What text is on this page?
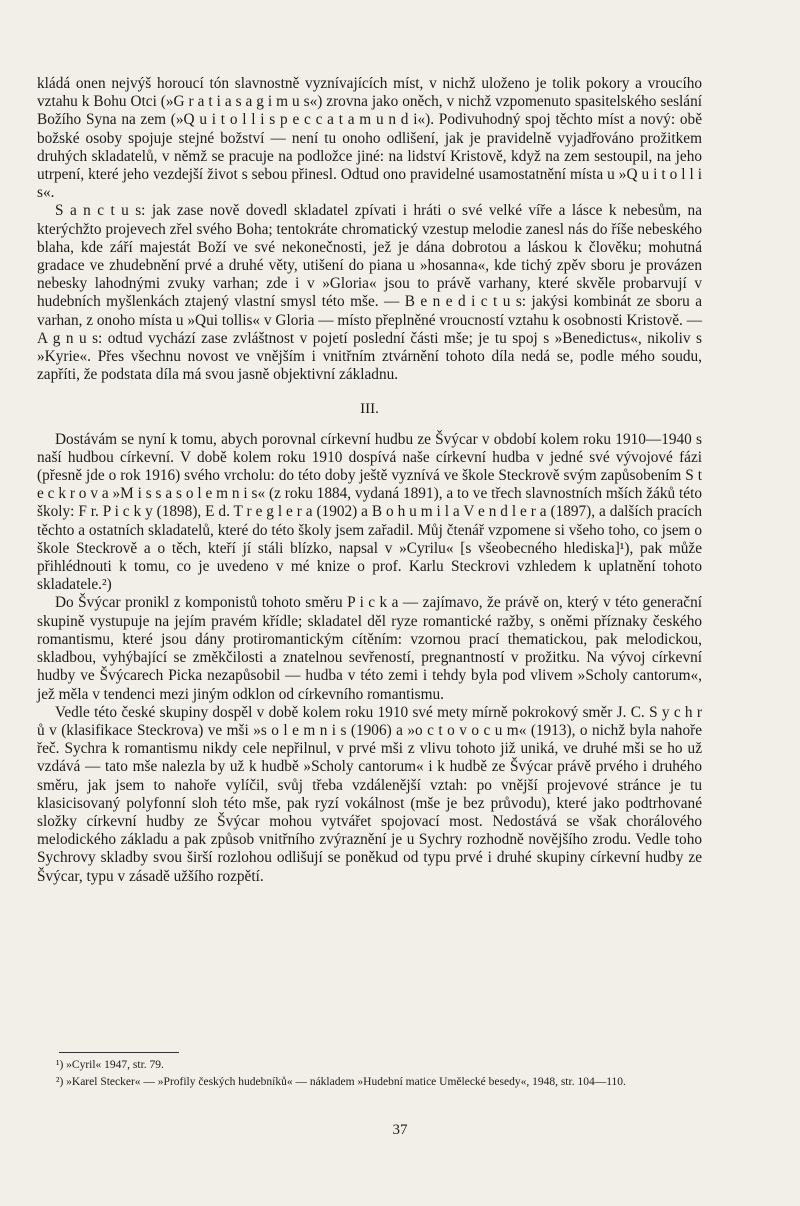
kládá onen nejvýš horoucí tón slavnostně vyznívajících míst, v nichž uloženo je tolik pokory a vroucího vztahu k Bohu Otci (»G r a t i a s a g i m u s«) zrovna jako oněch, v nichž vzpomenuto spasitelského seslání Božího Syna na zem (»Q u i t o l l i s p e c c a t a m u n d i«). Podivuhodný spoj těchto míst a nový: obě božské osoby spojuje stejné božství — není tu onoho odlišení, jak je pravidelně vyjadřováno prožitkem druhých skladatelů, v němž se pracuje na podložce jiné: na lidství Kristově, když na zem sestoupil, na jeho utrpení, které jeho vezdejší život s sebou přinesl. Odtud ono pravidelné usamostatnění místa u »Q u i t o l l i s«.

S a n c t u s: jak zase nově dovedl skladatel zpívati i hráti o své velké víře a lásce k nebesům, na kterýchžto projevech zřel svého Boha; tentokráte chromatický vzestup melodie zanesl nás do říše nebeského blaha, kde září majestát Boží ve své nekonečnosti, jež je dána dobrotou a láskou k člověku; mohutná gradace ve zhudebnění prvé a druhé věty, utišení do piana u »hosanna«, kde tichý zpěv sboru je provázen nebesky lahodnými zvuky varhan; zde i v »Gloria« jsou to právě varhany, které skvěle probarvují v hudebních myšlenkách ztajený vlastní smysl této mše. — B e n e d i c t u s: jakýsi kombinát ze sboru a varhan, z onoho místa u »Qui tollis« v Gloria — místo přeplněné vroucností vztahu k osobnosti Kristově. — A g n u s: odtud vychází zase zvláštnost v pojetí poslední části mše; je tu spoj s »Benedictus«, nikoliv s »Kyrie«. Přes všechnu novost ve vnějším i vnitřním ztvárnění tohoto díla nedá se, podle mého soudu, zapříti, že podstata díla má svou jasně objektivní základnu.

III.

Dostávám se nyní k tomu, abych porovnal církevní hudbu ze Švýcar v období kolem roku 1910—1940 s naší hudbou církevní. V době kolem roku 1910 dospívá naše církevní hudba v jedné své vývojové fázi (přesně jde o rok 1916) svého vrcholu: do této doby ještě vyznívá ve škole Steckrově svým zapůsobením S t e c k r o v a »M i s s a s o l e m n i s« (z roku 1884, vydaná 1891), a to ve třech slavnostních mších žáků této školy: F r. P i c k y (1898), E d. T r e g l e r a (1902) a B o h u m i l a V e n d l e r a (1897), a dalších pracích těchto a ostatních skladatelů, které do této školy jsem zařadil. Můj čtenář vzpomene si všeho toho, co jsem o škole Steckrově a o těch, kteří jí stáli blízko, napsal v »Cyrilu« [s všeobecného hlediska]¹), pak může přihlédnouti k tomu, co je uvedeno v mé knize o prof. Karlu Steckrovi vzhledem k uplatnění tohoto skladatele.²)

Do Švýcar pronikl z komponistů tohoto směru P i c k a — zajímavo, že právě on, který v této generační skupině vystupuje na jejím pravém křídle; skladatel děl ryze romantické ražby, s oněmi příznaky českého romantismu, které jsou dány protiromantickým cítěním: vzornou prací thematickou, pak melodickou, skladbou, vyhýbající se změkčilosti a znatelnou sevřeností, pregnantností v prožitku. Na vývoj církevní hudby ve Švýcarech Picka nezapůsobil — hudba v této zemi i tehdy byla pod vlivem »Scholy cantorum«, jež měla v tendenci mezi jiným odklon od církevního romantismu.

Vedle této české skupiny dospěl v době kolem roku 1910 své mety mírně pokrokový směr J. C. S y c h r ů v (klasifikace Steckrova) ve mši »s o l e m n i s (1906) a »o c t o v o c u m« (1913), o nichž byla nahoře řeč. Sychra k romantismu nikdy cele nepřilnul, v prvé mši z vlivu tohoto již uniká, ve druhé mši se ho už vzdává — tato mše nalezla by už k hudbě »Scholy cantorum« i k hudbě ze Švýcar právě prvého i druhého směru, jak jsem to nahoře vylíčil, svůj třeba vzdálenější vztah: po vnější projevové stránce je tu klasicisovaný polyfonní sloh této mše, pak ryzí vokálnost (mše je bez průvodu), které jako podtrhované složky církevní hudby ze Švýcar mohou vytvářet spojovací most. Nedostává se však chorálového melodického základu a pak způsob vnitřního zvýraznění je u Sychry rozhodně novějšího zrodu. Vedle toho Sychrovy skladby svou širší rozlohou odlišují se poněkud od typu prvé i druhé skupiny církevní hudby ze Švýcar, typu v zásadě užšího rozpětí.

¹) »Cyril« 1947, str. 79.

²) »Karel Stecker« — »Profily českých hudebníků« — nákladem »Hudební matice Umělecké besedy«, 1948, str. 104—110.

37
